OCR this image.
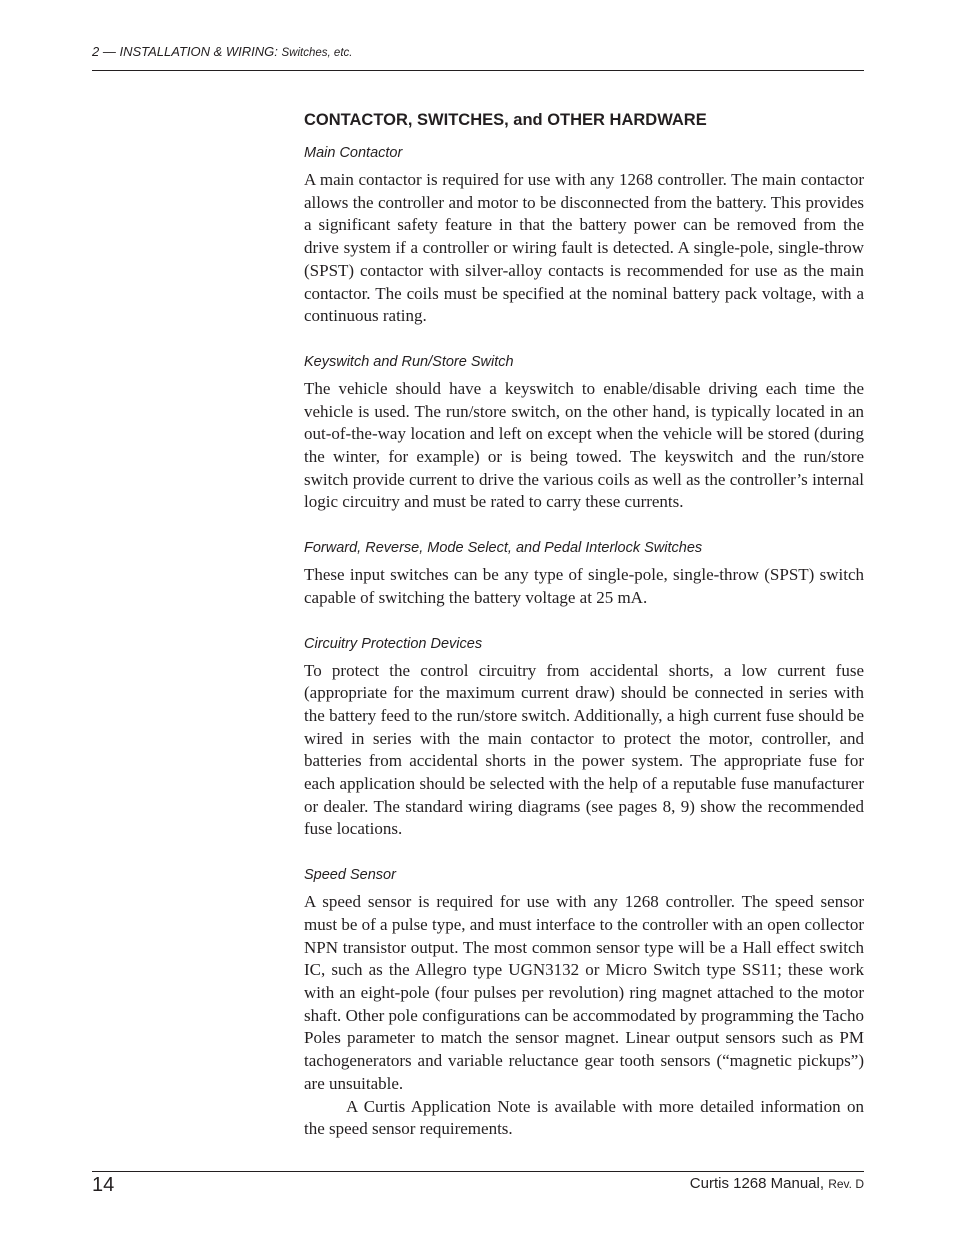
2 — INSTALLATION & WIRING: Switches, etc.
CONTACTOR, SWITCHES, and OTHER HARDWARE

Main Contactor

A main contactor is required for use with any 1268 controller. The main contactor allows the controller and motor to be disconnected from the battery. This provides a significant safety feature in that the battery power can be removed from the drive system if a controller or wiring fault is detected. A single-pole, single-throw (SPST) contactor with silver-alloy contacts is recommended for use as the main contactor. The coils must be specified at the nominal battery pack voltage, with a continuous rating.

Keyswitch and Run/Store Switch

The vehicle should have a keyswitch to enable/disable driving each time the vehicle is used. The run/store switch, on the other hand, is typically located in an out-of-the-way location and left on except when the vehicle will be stored (during the winter, for example) or is being towed. The keyswitch and the run/store switch provide current to drive the various coils as well as the controller’s internal logic circuitry and must be rated to carry these currents.

Forward, Reverse, Mode Select, and Pedal Interlock Switches

These input switches can be any type of single-pole, single-throw (SPST) switch capable of switching the battery voltage at 25 mA.

Circuitry Protection Devices

To protect the control circuitry from accidental shorts, a low current fuse (appropriate for the maximum current draw) should be connected in series with the battery feed to the run/store switch. Additionally, a high current fuse should be wired in series with the main contactor to protect the motor, controller, and batteries from accidental shorts in the power system. The appropriate fuse for each application should be selected with the help of a reputable fuse manufacturer or dealer. The standard wiring diagrams (see pages 8, 9) show the recommended fuse locations.

Speed Sensor

A speed sensor is required for use with any 1268 controller. The speed sensor must be of a pulse type, and must interface to the controller with an open collector NPN transistor output. The most common sensor type will be a Hall effect switch IC, such as the Allegro type UGN3132 or Micro Switch type SS11; these work with an eight-pole (four pulses per revolution) ring magnet attached to the motor shaft. Other pole configurations can be accommodated by programming the Tacho Poles parameter to match the sensor magnet. Linear output sensors such as PM tachogenerators and variable reluctance gear tooth sensors (“magnetic pickups”) are unsuitable.

A Curtis Application Note is available with more detailed information on the speed sensor requirements.

14	Curtis 1268 Manual, Rev. D
